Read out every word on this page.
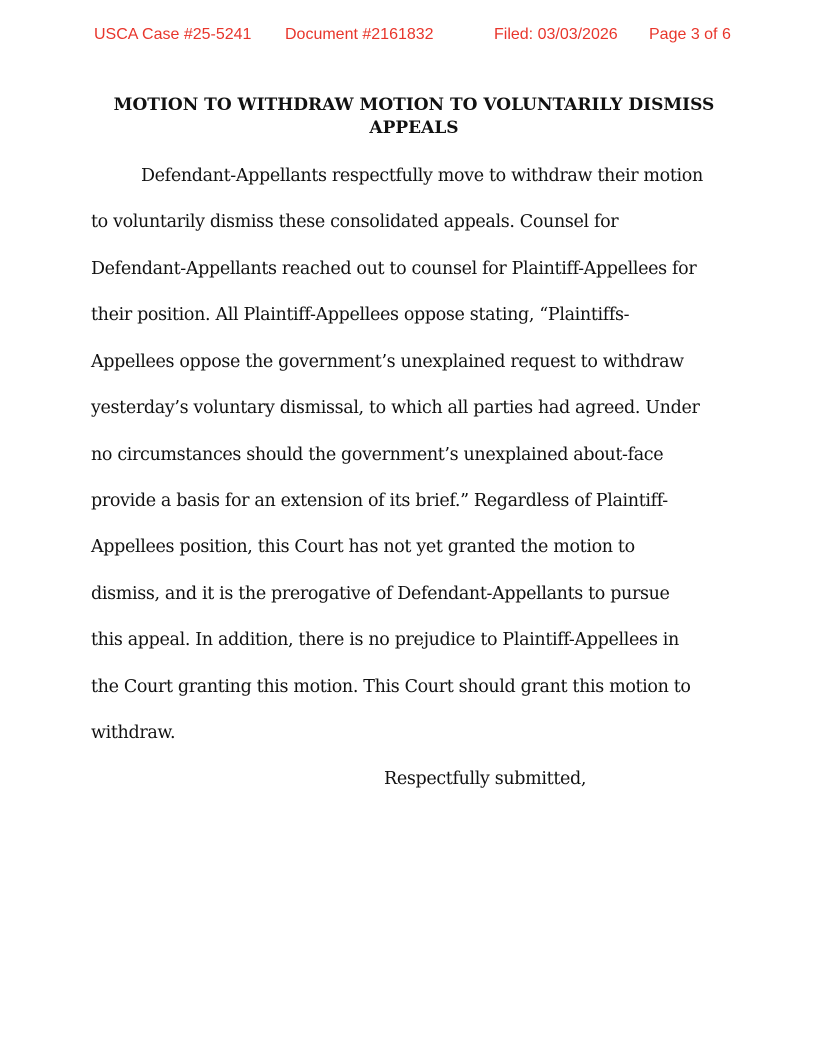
USCA Case #25-5241 Document #2161832	Filed: 03/03/2026 Page 3 of 6
MOTION TO WITHDRAW MOTION TO VOLUNTARILY DISMISS
APPEALS
Defendant-Appellants respectfully move to withdraw their motion
to voluntarily dismiss these consolidated appeals. Counsel for
Defendant-Appellants reached out to counsel for Plaintiff-Appellees for
their position. All Plaintiff-Appellees oppose stating, “Plaintiffs-
Appellees oppose the government’s unexplained request to withdraw
yesterday’s voluntary dismissal, to which all parties had agreed. Under
no circumstances should the government’s unexplained about-face
provide a basis for an extension of its brief.” Regardless of Plaintiff-
Appellees position, this Court has not yet granted the motion to
dismiss, and it is the prerogative of Defendant-Appellants to pursue
this appeal. In addition, there is no prejudice to Plaintiff-Appellees in
the Court granting this motion. This Court should grant this motion to
withdraw.
Respectfully submitted,
